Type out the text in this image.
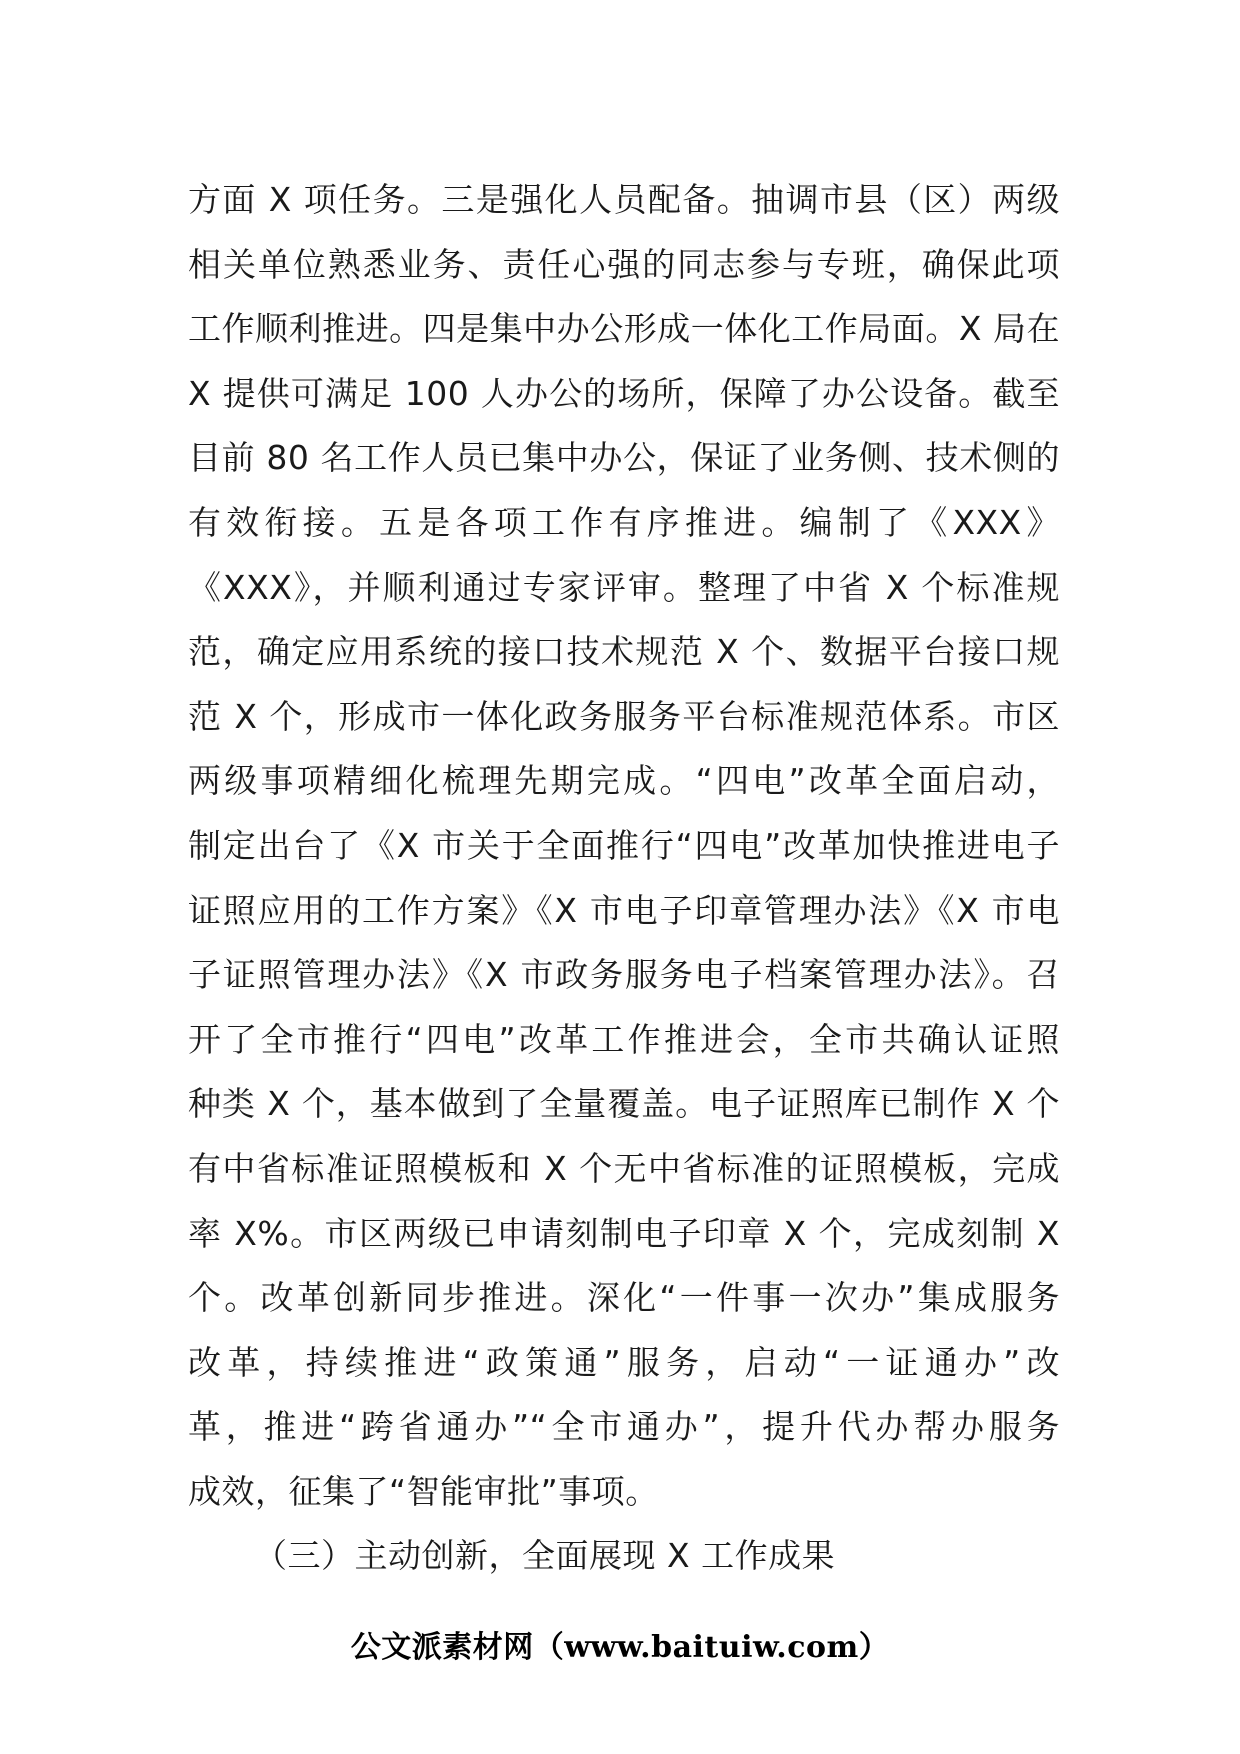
方面 X 项任务。三是强化人员配备。抽调市县（区）两级
相关单位熟悉业务、责任心强的同志参与专班，确保此项
工作顺利推进。四是集中办公形成一体化工作局面。X 局在
X 提供可满足 100 人办公的场所，保障了办公设备。截至
目前 80 名工作人员已集中办公，保证了业务侧、技术侧的
有效衔接。五是各项工作有序推进。编制了《XXX》
《XXX》，并顺利通过专家评审。整理了中省 X 个标准规
范，确定应用系统的接口技术规范 X 个、数据平台接口规
范 X 个，形成市一体化政务服务平台标准规范体系。市区
两级事项精细化梳理先期完成。“四电”改革全面启动，
制定出台了《X 市关于全面推行“四电”改革加快推进电子
证照应用的工作方案》《X 市电子印章管理办法》《X 市电
子证照管理办法》《X 市政务服务电子档案管理办法》。召
开了全市推行“四电”改革工作推进会，全市共确认证照
种类 X 个，基本做到了全量覆盖。电子证照库已制作 X 个
有中省标准证照模板和 X 个无中省标准的证照模板，完成
率 X%。市区两级已申请刻制电子印章 X 个，完成刻制 X
个。改革创新同步推进。深化“一件事一次办”集成服务
改革，持续推进“政策通”服务，启动“一证通办”改
革，推进“跨省通办”“全市通办”，提升代办帮办服务
成效，征集了“智能审批”事项。
（三）主动创新，全面展现 X 工作成果
公文派素材网（www.baituiw.com）
